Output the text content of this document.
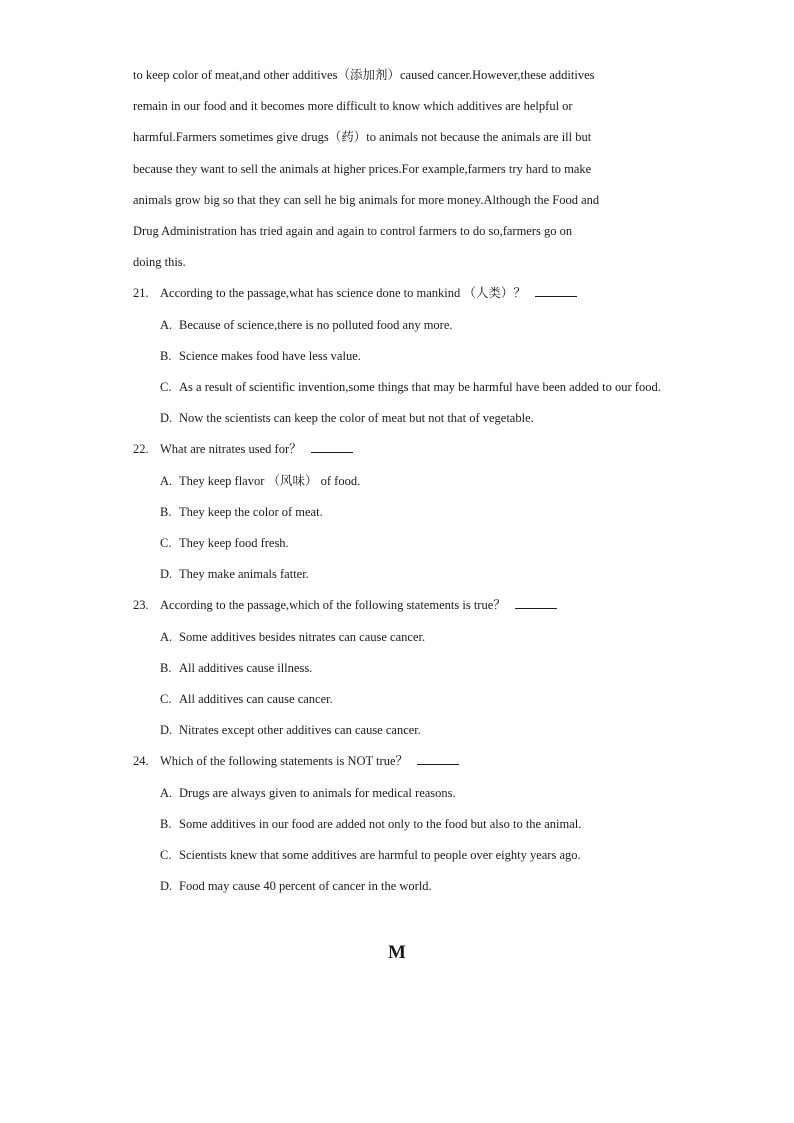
to keep color of meat,and other additives（添加剂）caused cancer.However,these additives
remain in our food and it becomes more difficult to know which additives are helpful or
harmful.Farmers sometimes give drugs（药）to animals not because the animals are ill but
because they want to sell the animals at higher prices.For example,farmers try hard to make
animals grow big so that they can sell he big animals for more money.Although the Food and
Drug Administration has tried again and again to control farmers to do so,farmers go on
doing this.
21. According to the passage,what has science done to mankind （人类）？
A. Because of science,there is no polluted food any more.
B. Science makes food have less value.
C. As a result of scientific invention,some things that may be harmful have been added to our food.
D. Now the scientists can keep the color of meat but not that of vegetable.
22. What are nitrates used for？
A. They keep flavor （风味） of food.
B. They keep the color of meat.
C. They keep food fresh.
D. They make animals fatter.
23. According to the passage,which of the following statements is true？
A. Some additives besides nitrates can cause cancer.
B. All additives cause illness.
C. All additives can cause cancer.
D. Nitrates except other additives can cause cancer.
24. Which of the following statements is NOT true？
A. Drugs are always given to animals for medical reasons.
B. Some additives in our food are added not only to the food but also to the animal.
C. Scientists knew that some additives are harmful to people over eighty years ago.
D. Food may cause 40 percent of cancer in the world.
M
